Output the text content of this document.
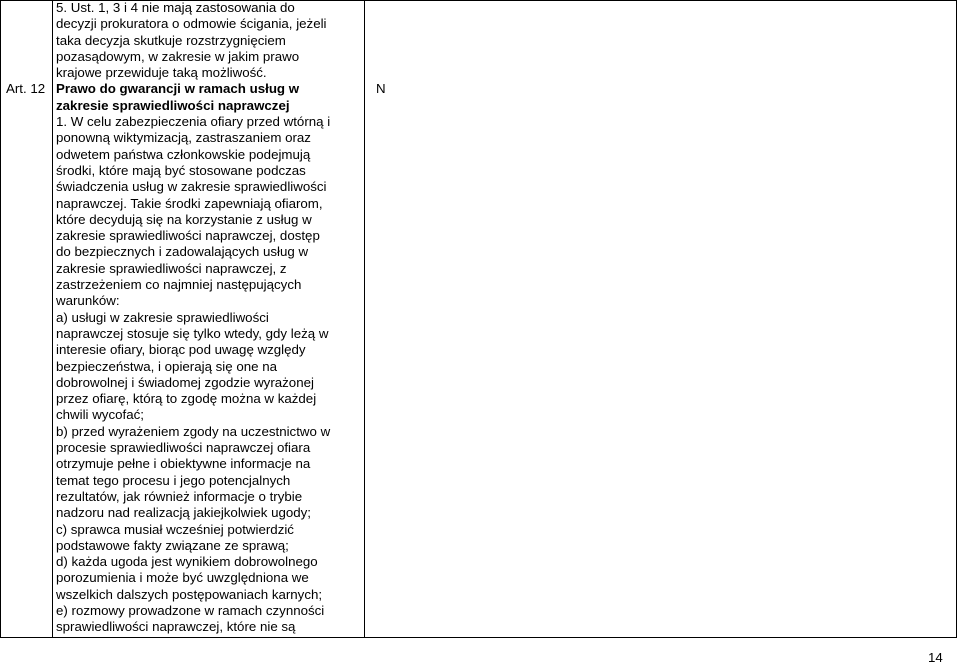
Art. 12
5. Ust. 1, 3 i 4 nie mają zastosowania do
decyzji prokuratora o odmowie ścigania, jeżeli
taka decyzja skutkuje rozstrzygnięciem
pozasądowym, w zakresie w jakim prawo
krajowe przewiduje taką możliwość.
Prawo do gwarancji w ramach usług w
zakresie sprawiedliwości naprawczej
1. W celu zabezpieczenia ofiary przed wtórną i
ponowną wiktymizacją, zastraszaniem oraz
odwetem państwa członkowskie podejmują
środki, które mają być stosowane podczas
świadczenia usług w zakresie sprawiedliwości
naprawczej. Takie środki zapewniają ofiarom,
które decydują się na korzystanie z usług w
zakresie sprawiedliwości naprawczej, dostęp
do bezpiecznych i zadowalających usług w
zakresie sprawiedliwości naprawczej, z
zastrzeżeniem co najmniej następujących
warunków:
a) usługi w zakresie sprawiedliwości
naprawczej stosuje się tylko wtedy, gdy leżą w
interesie ofiary, biorąc pod uwagę względy
bezpieczeństwa, i opierają się one na
dobrowolnej i świadomej zgodzie wyrażonej
przez ofiarę, którą to zgodę można w każdej
chwili wycofać;
b) przed wyrażeniem zgody na uczestnictwo w
procesie sprawiedliwości naprawczej ofiara
otrzymuje pełne i obiektywne informacje na
temat tego procesu i jego potencjalnych
rezultatów, jak również informacje o trybie
nadzoru nad realizacją jakiejkolwiek ugody;
c) sprawca musiał wcześniej potwierdzić
podstawowe fakty związane ze sprawą;
d) każda ugoda jest wynikiem dobrowolnego
porozumienia i może być uwzględniona we
wszelkich dalszych postępowaniach karnych;
e) rozmowy prowadzone w ramach czynności
sprawiedliwości naprawczej, które nie są
N
14
